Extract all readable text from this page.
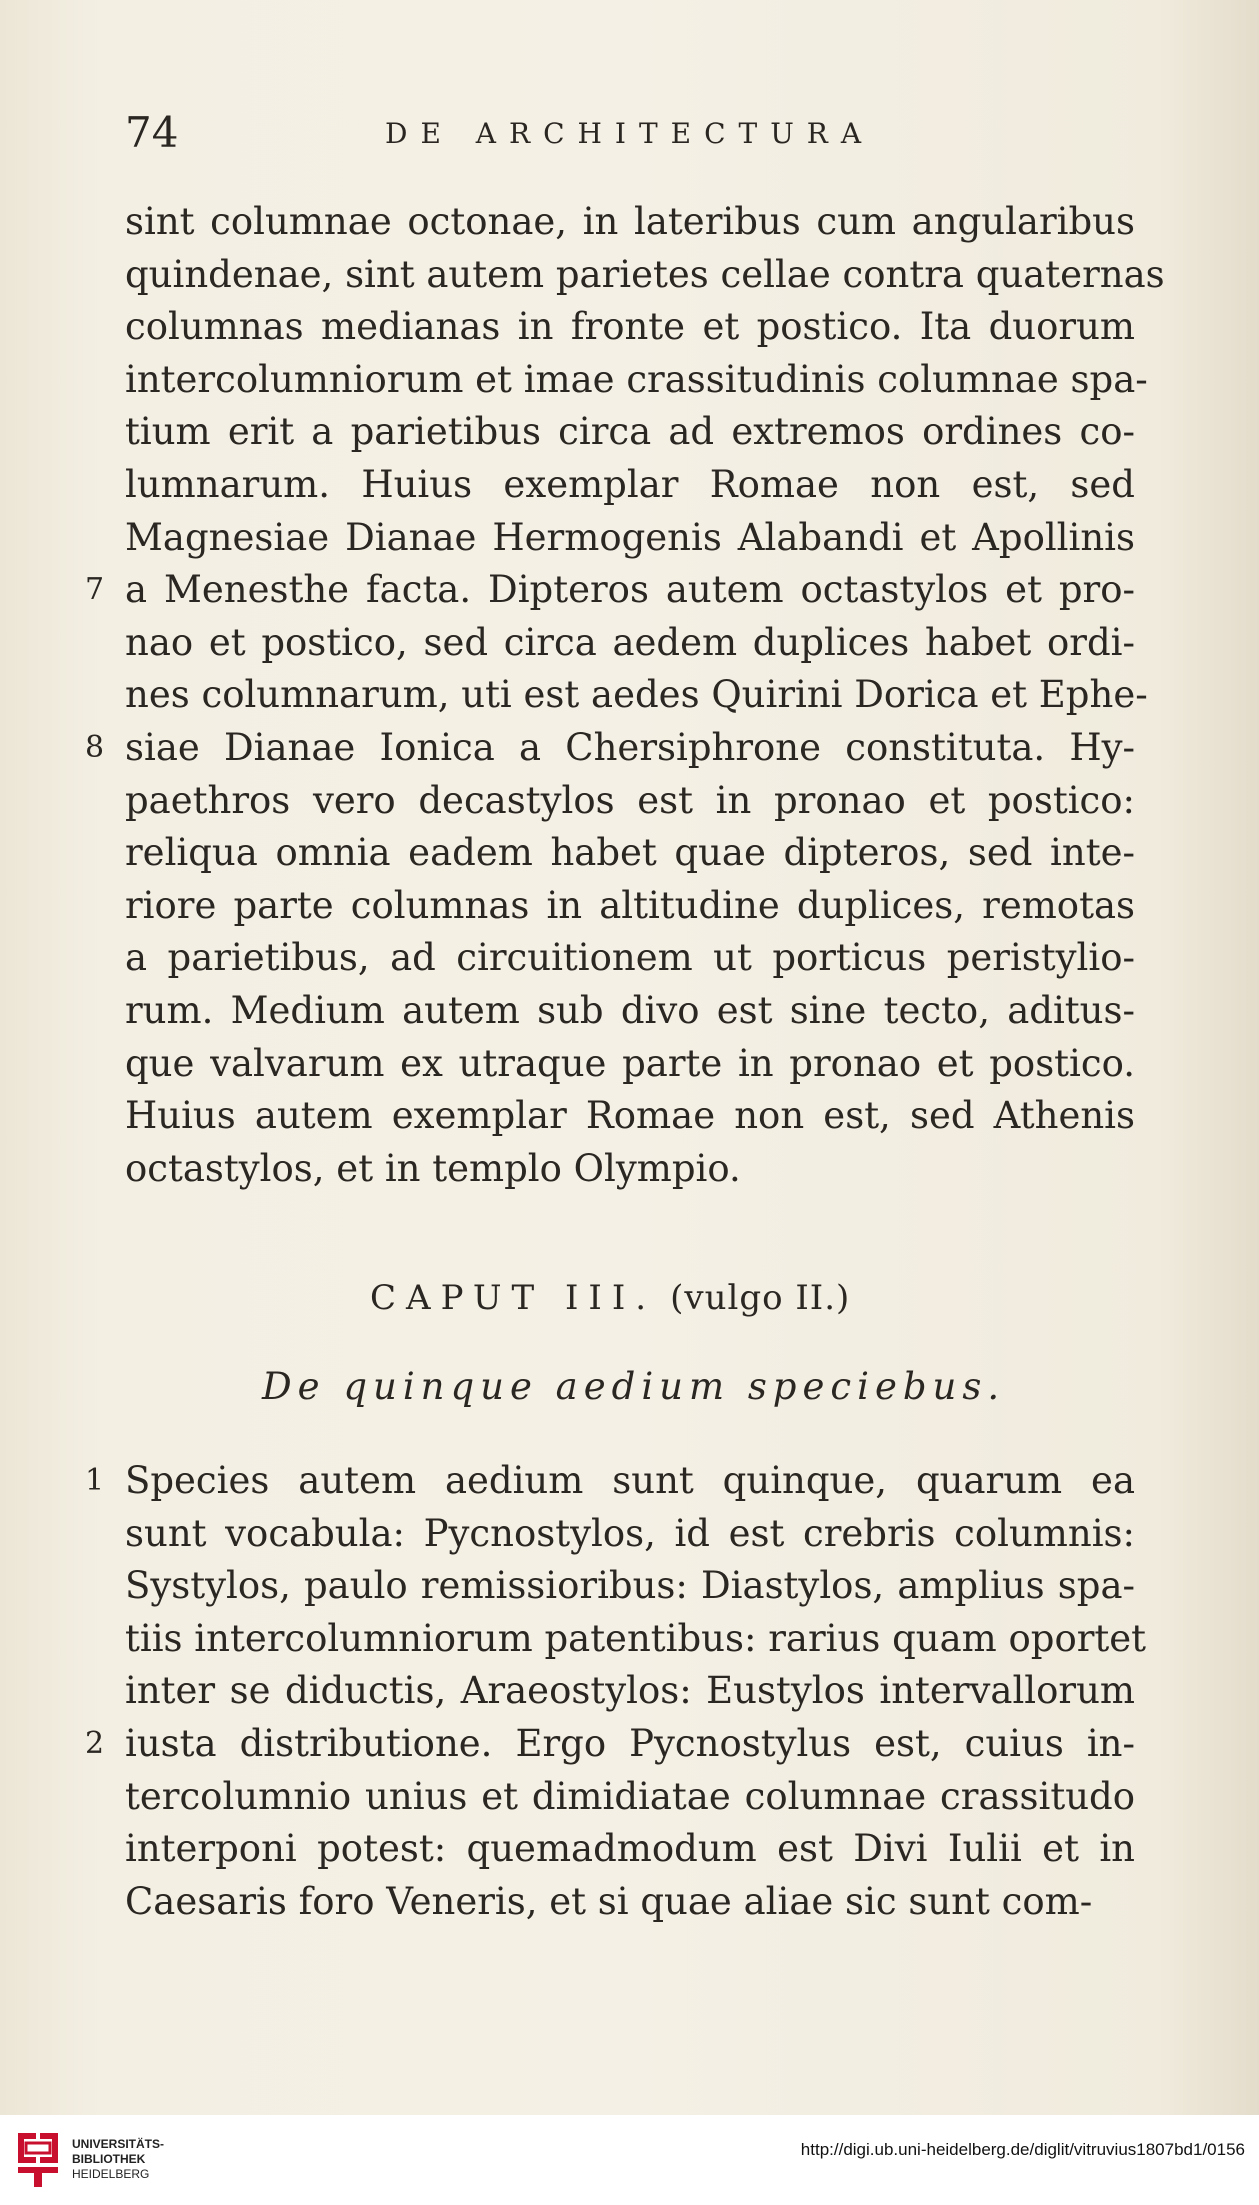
74	DE ARCHITECTURA
sint columnae octonae, in lateribus cum angularibus
quindenae, sint autem parietes cellae contra quaternas
columnas medianas in fronte et postico. Ita duorum
intercolumniorum et imae crassitudinis columnae spa-
tium erit a parietibus circa ad extremos ordines co-
lumnarum. Huius exemplar Romae non est, sed
Magnesiae Dianae Hermogenis Alabandi et Apollinis
7 a Menesthe facta. Dipteros autem octastylos et pro-
nao et postico, sed circa aedem duplices habet ordi-
nes columnarum, uti est aedes Quirini Dorica et Ephe-
8 siae Dianae Ionica a Chersiphrone constituta. Hy-
paethros vero decastylos est in pronao et postico:
reliqua omnia eadem habet quae dipteros, sed inte-
riore parte columnas in altitudine duplices, remotas
a parietibus, ad circuitionem ut porticus peristylio-
rum. Medium autem sub divo est sine tecto, aditus-
que valvarum ex utraque parte in pronao et postico.
Huius autem exemplar Romae non est, sed Athenis
octastylos, et in templo Olympio.
CAPUT III. (vulgo II.)
De quinque aedium speciebus.
1 Species autem aedium sunt quinque, quarum ea
sunt vocabula: Pycnostylos, id est crebris columnis:
Systylos, paulo remissioribus: Diastylos, amplius spa-
tiis intercolumniorum patentibus: rarius quam oportet
inter se diductis, Araeostylos: Eustylos intervallorum
2 iusta distributione. Ergo Pycnostylus est, cuius in-
tercolumnio unius et dimidiatae columnae crassitudo
interponi potest: quemadmodum est Divi Iulii et in
Caesaris foro Veneris, et si quae aliae sic sunt com-
UNIVERSITÄTS-
BIBLIOTHEK
HEIDELBERG
http://digi.ub.uni-heidelberg.de/diglit/vitruvius1807bd1/0156
